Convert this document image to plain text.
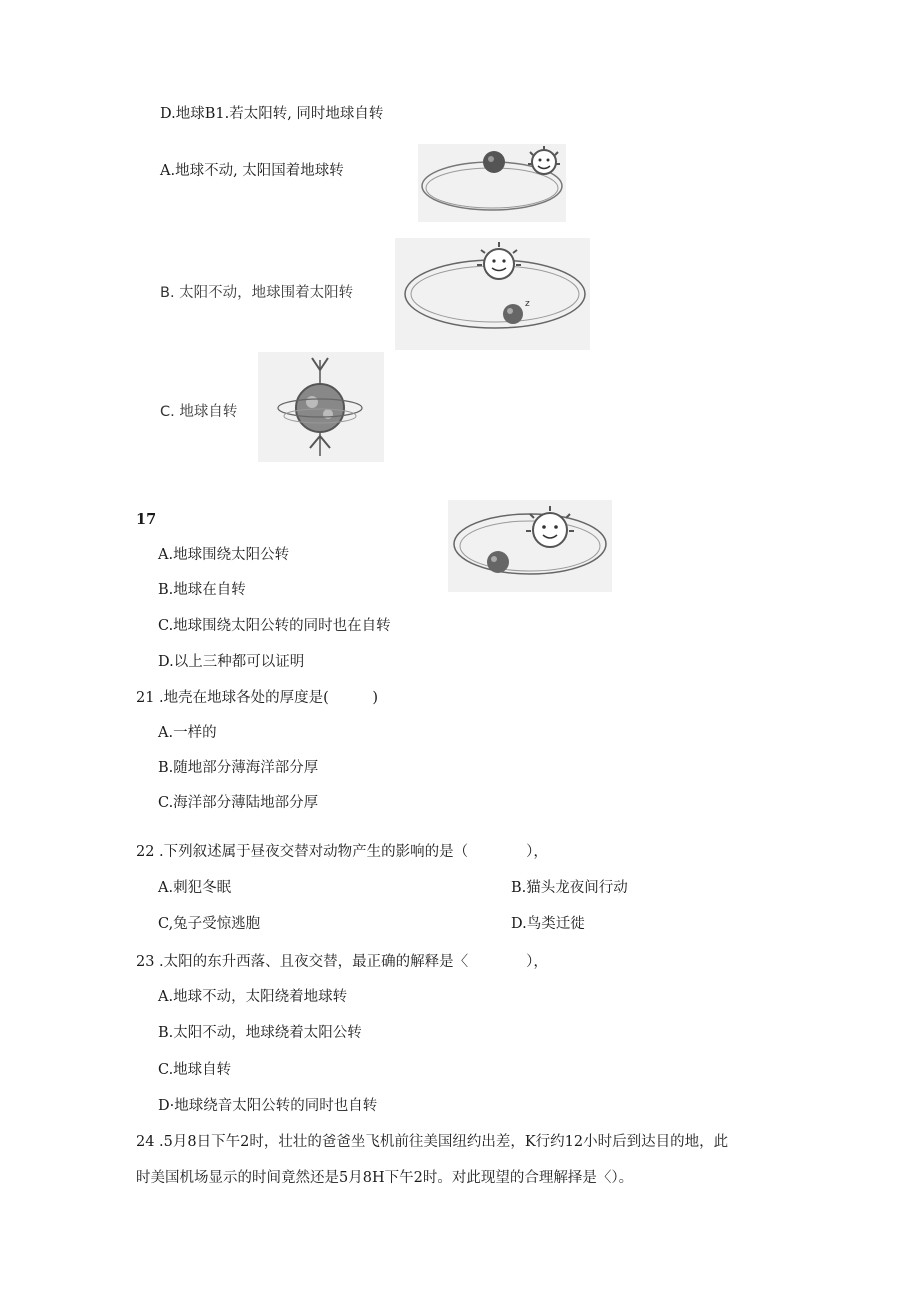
D.地球B1.若太阳转, 同时地球自转
A.地球不动, 太阳国着地球转
B. 太阳不动，地球围着太阳转
z
C. 地球自转
17
A.地球围绕太阳公转
B.地球在自转
C.地球围绕太阳公转的同时也在自转
D.以上三种都可以证明
21 .地壳在地球各处的厚度是(　　　)
A.一样的
B.随地部分薄海洋部分厚
C.海洋部分薄陆地部分厚
22 .下列叙述属于昼夜交替对动物产生的影响的是（　　　　），
A.刺犯冬眠	B.猫头龙夜间行动
C,兔子受惊逃胞	D.鸟类迁徙
23 .太阳的东升西落、且夜交替，最正确的解释是〈　　　　），
A.地球不动，太阳绕着地球转
B.太阳不动，地球绕着太阳公转
C.地球自转
D·地球绕音太阳公转的同时也自转
24 .5月8日下午2时，壮壮的爸爸坐飞机前往美国纽约出差，K行约12小时后到达目的地，此
时美国机场显示的时间竟然还是5月8H下午2时。对此现望的合理解择是〈）。
